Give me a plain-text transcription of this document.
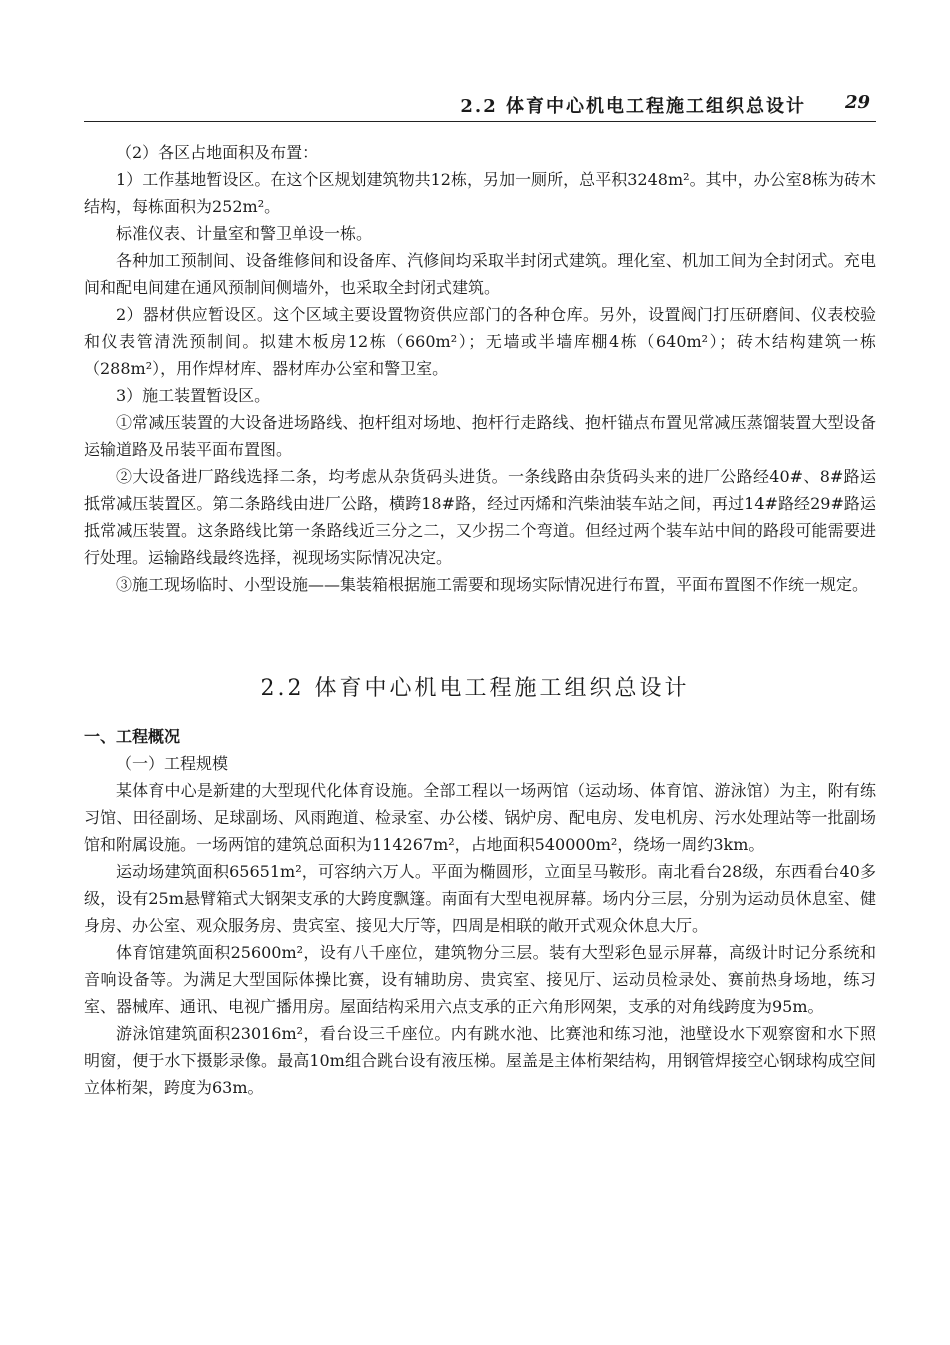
2.2 体育中心机电工程施工组织总设计 29

（2）各区占地面积及布置：

1）工作基地暂设区。在这个区规划建筑物共12栋，另加一厕所，总平积3248m²。其中，办公室8栋为砖木结构，每栋面积为252m²。

标准仪表、计量室和警卫单设一栋。

各种加工预制间、设备维修间和设备库、汽修间均采取半封闭式建筑。理化室、机加工间为全封闭式。充电间和配电间建在通风预制间侧墙外，也采取全封闭式建筑。

2）器材供应暂设区。这个区域主要设置物资供应部门的各种仓库。另外，设置阀门打压研磨间、仪表校验和仪表管清洗预制间。拟建木板房12栋（660m²）；无墙或半墙库棚4栋（640m²）；砖木结构建筑一栋（288m²），用作焊材库、器材库办公室和警卫室。

3）施工装置暂设区。

①常减压装置的大设备进场路线、抱杆组对场地、抱杆行走路线、抱杆锚点布置见常减压蒸馏装置大型设备运输道路及吊装平面布置图。

②大设备进厂路线选择二条，均考虑从杂货码头进货。一条线路由杂货码头来的进厂公路经40#、8#路运抵常减压装置区。第二条路线由进厂公路，横跨18#路，经过丙烯和汽柴油装车站之间，再过14#路经29#路运抵常减压装置。这条路线比第一条路线近三分之二，又少拐二个弯道。但经过两个装车站中间的路段可能需要进行处理。运输路线最终选择，视现场实际情况决定。

③施工现场临时、小型设施——集装箱根据施工需要和现场实际情况进行布置，平面布置图不作统一规定。

2.2 体育中心机电工程施工组织总设计

一、工程概况

（一）工程规模

某体育中心是新建的大型现代化体育设施。全部工程以一场两馆（运动场、体育馆、游泳馆）为主，附有练习馆、田径副场、足球副场、风雨跑道、检录室、办公楼、锅炉房、配电房、发电机房、污水处理站等一批副场馆和附属设施。一场两馆的建筑总面积为114267m²，占地面积540000m²，绕场一周约3km。

运动场建筑面积65651m²，可容纳六万人。平面为椭圆形，立面呈马鞍形。南北看台28级，东西看台40多级，设有25m悬臂箱式大钢架支承的大跨度飘篷。南面有大型电视屏幕。场内分三层，分别为运动员休息室、健身房、办公室、观众服务房、贵宾室、接见大厅等，四周是相联的敞开式观众休息大厅。

体育馆建筑面积25600m²，设有八千座位，建筑物分三层。装有大型彩色显示屏幕，高级计时记分系统和音响设备等。为满足大型国际体操比赛，设有辅助房、贵宾室、接见厅、运动员检录处、赛前热身场地，练习室、器械库、通讯、电视广播用房。屋面结构采用六点支承的正六角形网架，支承的对角线跨度为95m。

游泳馆建筑面积23016m²，看台设三千座位。内有跳水池、比赛池和练习池，池壁设水下观察窗和水下照明窗，便于水下摄影录像。最高10m组合跳台设有液压梯。屋盖是主体桁架结构，用钢管焊接空心钢球构成空间立体桁架，跨度为63m。
